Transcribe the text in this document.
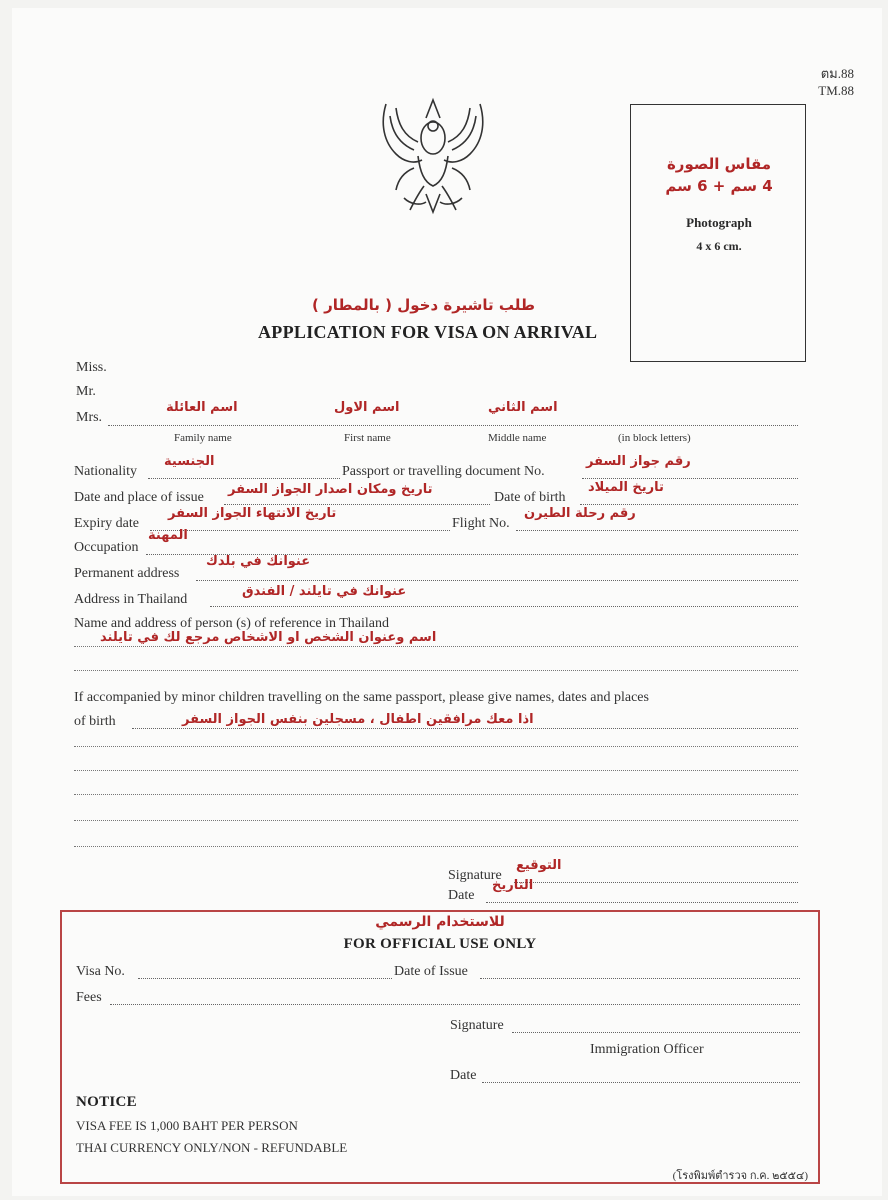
ตม.88
TM.88
مقاس الصورة
4 سم + 6 سم
Photograph
4 x 6 cm.
طلب تاشيرة دخول ( بالمطار )
APPLICATION FOR VISA ON ARRIVAL
Miss.
Mr.
Mrs.
اسم العائلة	اسم الاول	اسم الثاني
Family name	First name	Middle name	(in block letters)
Nationality
الجنسية
Passport or travelling document No.
رقم جواز السفر
Date and place of issue
تاريخ ومكان اصدار الجواز السفر
Date of birth
تاريخ الميلاد
Expiry date
تاريخ الانتهاء الجواز السفر
Flight No.
رقم رحلة الطيرن
Occupation
المهنة
Permanent address
عنوانك في بلدك
Address in Thailand
عنوانك في تايلند / الفندق
Name and address of person (s) of reference in Thailand
اسم وعنوان الشخص او الاشخاص مرجع لك في تايلند
If accompanied by minor children travelling on the same passport, please give names, dates and places
of birth	اذا معك مرافقين اطفال ، مسجلين بنفس الجواز السفر
Signature
التوقيع
Date
التاريخ
للاستخدام الرسمي
FOR OFFICIAL USE ONLY
Visa No.	Date of Issue
Fees
Signature
Immigration Officer
Date
NOTICE
VISA FEE IS 1,000 BAHT PER PERSON
THAI CURRENCY ONLY/NON - REFUNDABLE
(โรงพิมพ์ตำรวจ ก.ค. ๒๕๕๔)
